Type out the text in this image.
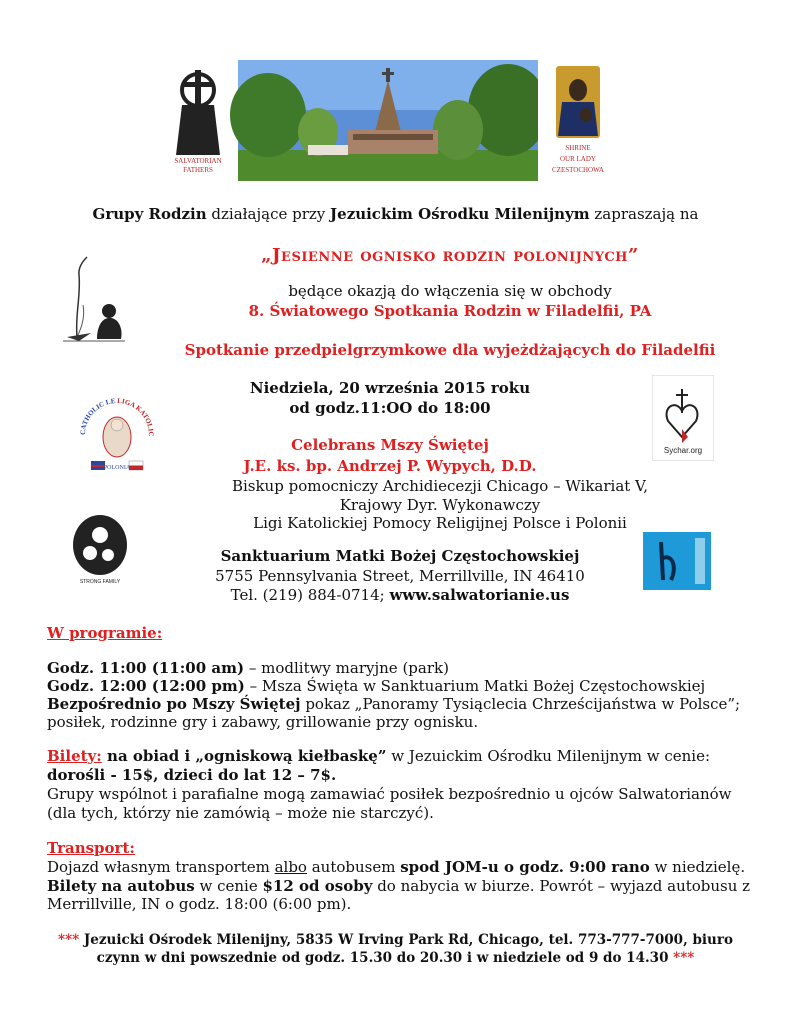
SALVATORIAN
FATHERS
SHRINE
OUR LADY
CZESTOCHOWA
Grupy Rodzin działające przy Jezuickim Ośrodku Milenijnym zapraszają na
„Jesienne ognisko rodzin polonijnych”
będące okazją do włączenia się w obchody
8. Światowego Spotkania Rodzin w Filadelfii, PA
Spotkanie przedpielgrzymkowe dla wyjeżdżających do Filadelfii
Niedziela, 20 września 2015 roku
od godz.11:OO do 18:00
CATHOLIC LE LIGA KATOLIC
POLONIA
Sychar.org
Celebrans Mszy Świętej
J.E. ks. bp. Andrzej P. Wypych, D.D.
Biskup pomocniczy Archidiecezji Chicago – Wikariat V,
Krajowy Dyr. Wykonawczy
Ligi Katolickiej Pomocy Religijnej Polsce i Polonii
STRONG FAMILY
Sanktuarium Matki Bożej Częstochowskiej
5755 Pennsylvania Street, Merrillville, IN 46410
Tel. (219) 884-0714; www.salwatorianie.us
W programie:
Godz. 11:00 (11:00 am) – modlitwy maryjne (park)
Godz. 12:00 (12:00 pm) – Msza Święta w Sanktuarium Matki Bożej Częstochowskiej
Bezpośrednio po Mszy Świętej pokaz „Panoramy Tysiąclecia Chrześcijaństwa w Polsce”;
posiłek, rodzinne gry i zabawy, grillowanie przy ognisku.
Bilety: na obiad i „ogniskową kiełbaskę” w Jezuickim Ośrodku Milenijnym w cenie:
dorośli - 15$, dzieci do lat 12 – 7$.
Grupy wspólnot i parafialne mogą zamawiać posiłek bezpośrednio u ojców Salwatorianów
(dla tych, którzy nie zamówią – może nie starczyć).
Transport:
Dojazd własnym transportem albo autobusem spod JOM-u o godz. 9:00 rano w niedzielę.
Bilety na autobus w cenie $12 od osoby do nabycia w biurze. Powrót – wyjazd autobusu z
Merrillville, IN o godz. 18:00 (6:00 pm).
*** Jezuicki Ośrodek Milenijny, 5835 W Irving Park Rd, Chicago, tel. 773-777-7000, biuro
czynn w dni powszednie od godz. 15.30 do 20.30 i w niedziele od 9 do 14.30 ***
